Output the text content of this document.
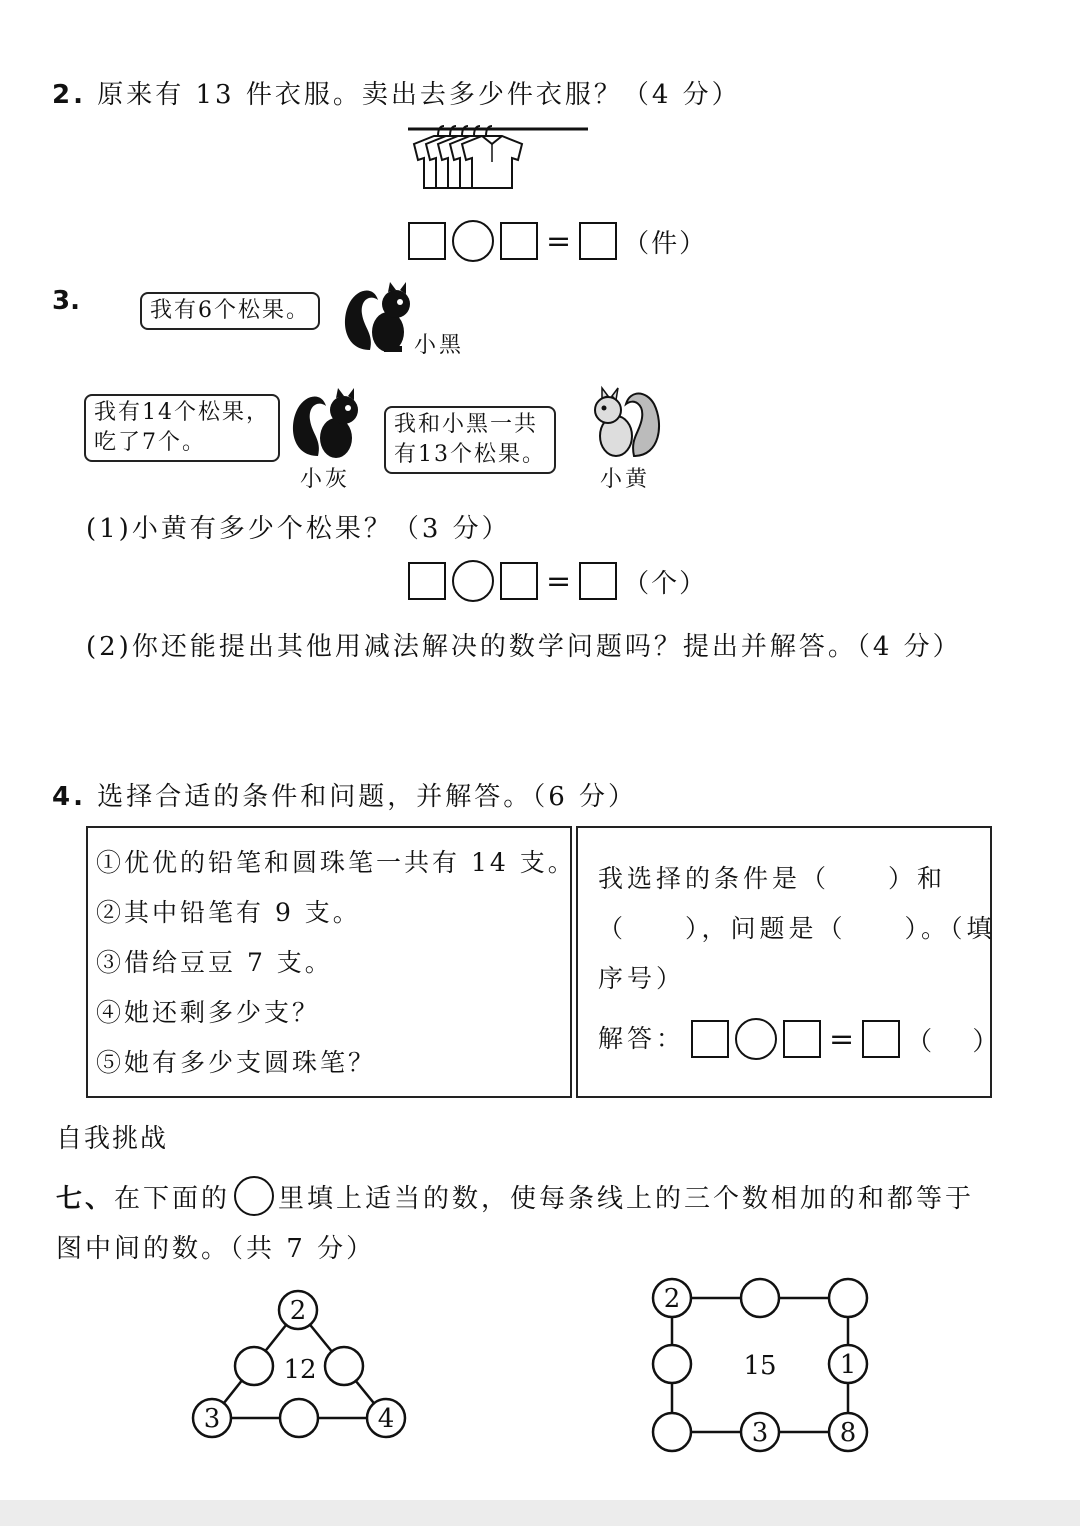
2. 原来有 13 件衣服。卖出去多少件衣服？（4 分）
= （件）
3.	我有6个松果。
小黑
我有14个松果，
吃了7个。
小灰
我和小黑一共
有13个松果。
小黄
(1)小黄有多少个松果？（3 分）
= （个）
(2)你还能提出其他用减法解决的数学问题吗？提出并解答。（4 分）
4. 选择合适的条件和问题，并解答。（6 分）
①优优的铅笔和圆珠笔一共有 14 支。
②其中铅笔有 9 支。
③借给豆豆 7 支。
④她还剩多少支？
⑤她有多少支圆珠笔？
我选择的条件是（　　）和
（　　），问题是（　　）。（填
序号）
解答：	= （　 ）
自我挑战
七、 在下面的 里填上适当的数，使每条线上的三个数相加的和都等于
图中间的数。（共 7 分）
2
3	4
12
2
1
3	8
15
